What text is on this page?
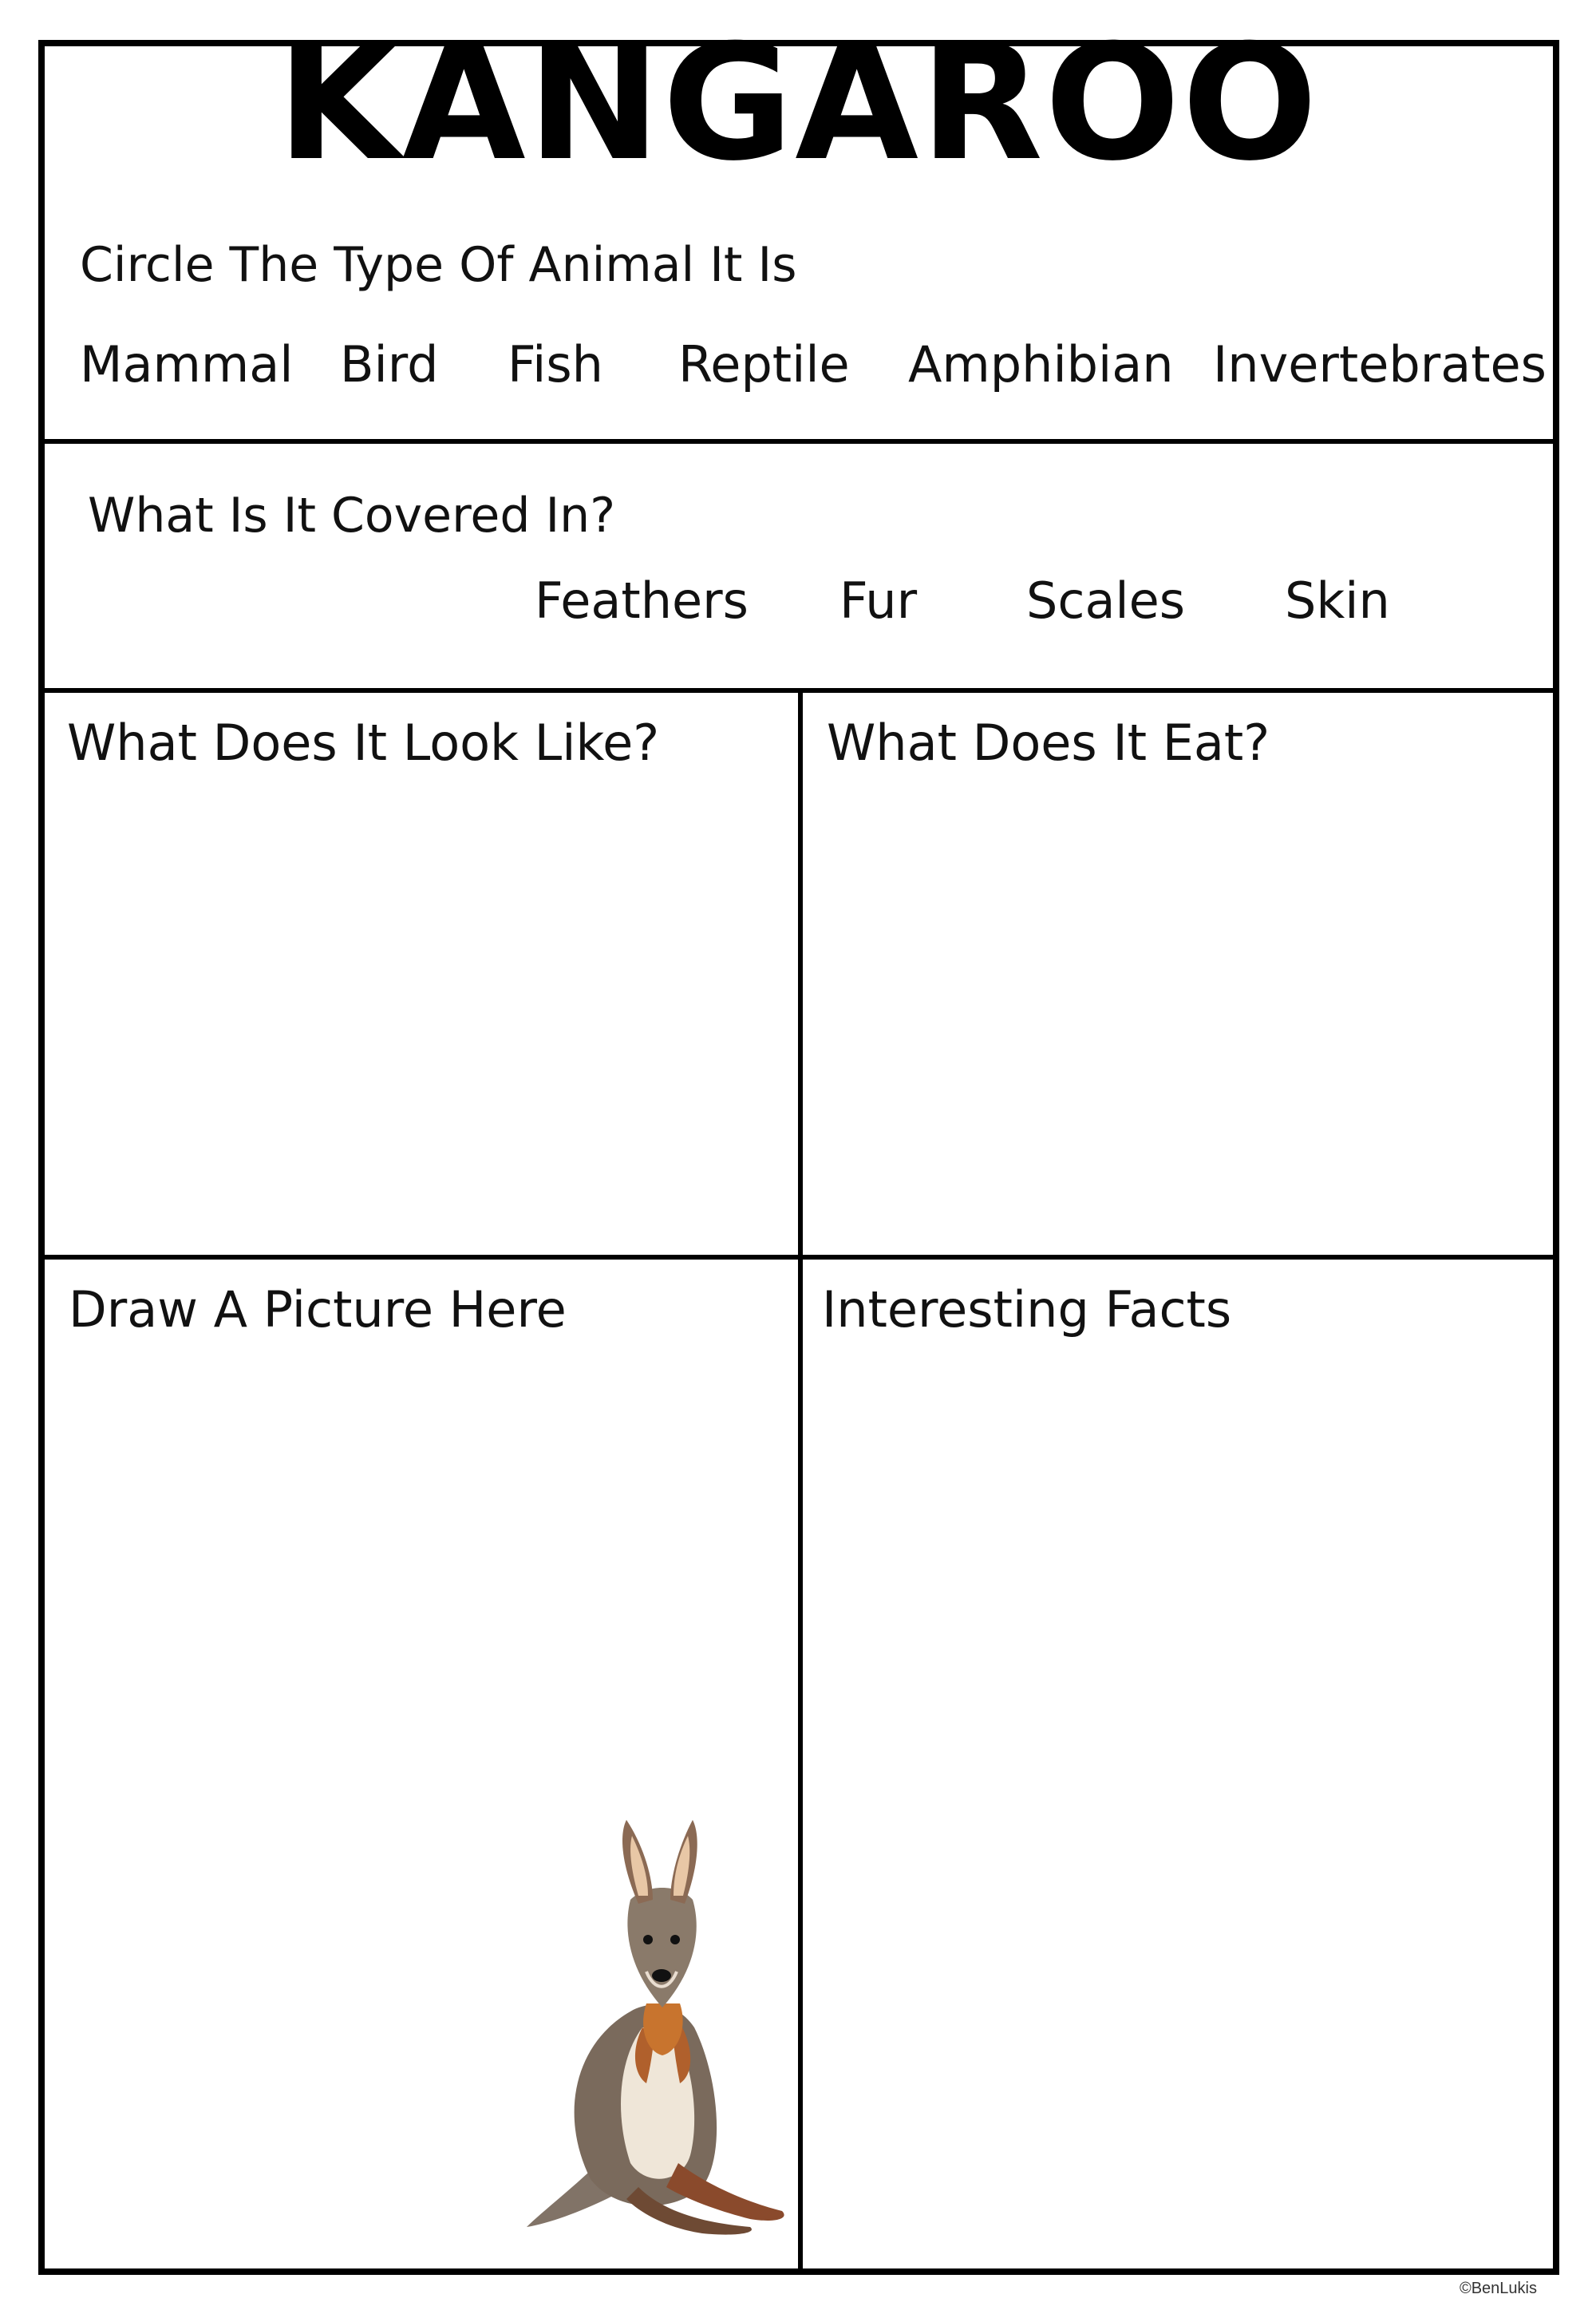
KANGAROO
Circle The Type Of Animal It Is
Mammal Bird Fish Reptile Amphibian Invertebrates
What Is It Covered In?
Feathers Fur Scales Skin
What Does It Look Like?	What Does It Eat?
Draw A Picture Here	Interesting Facts
©BenLukis
